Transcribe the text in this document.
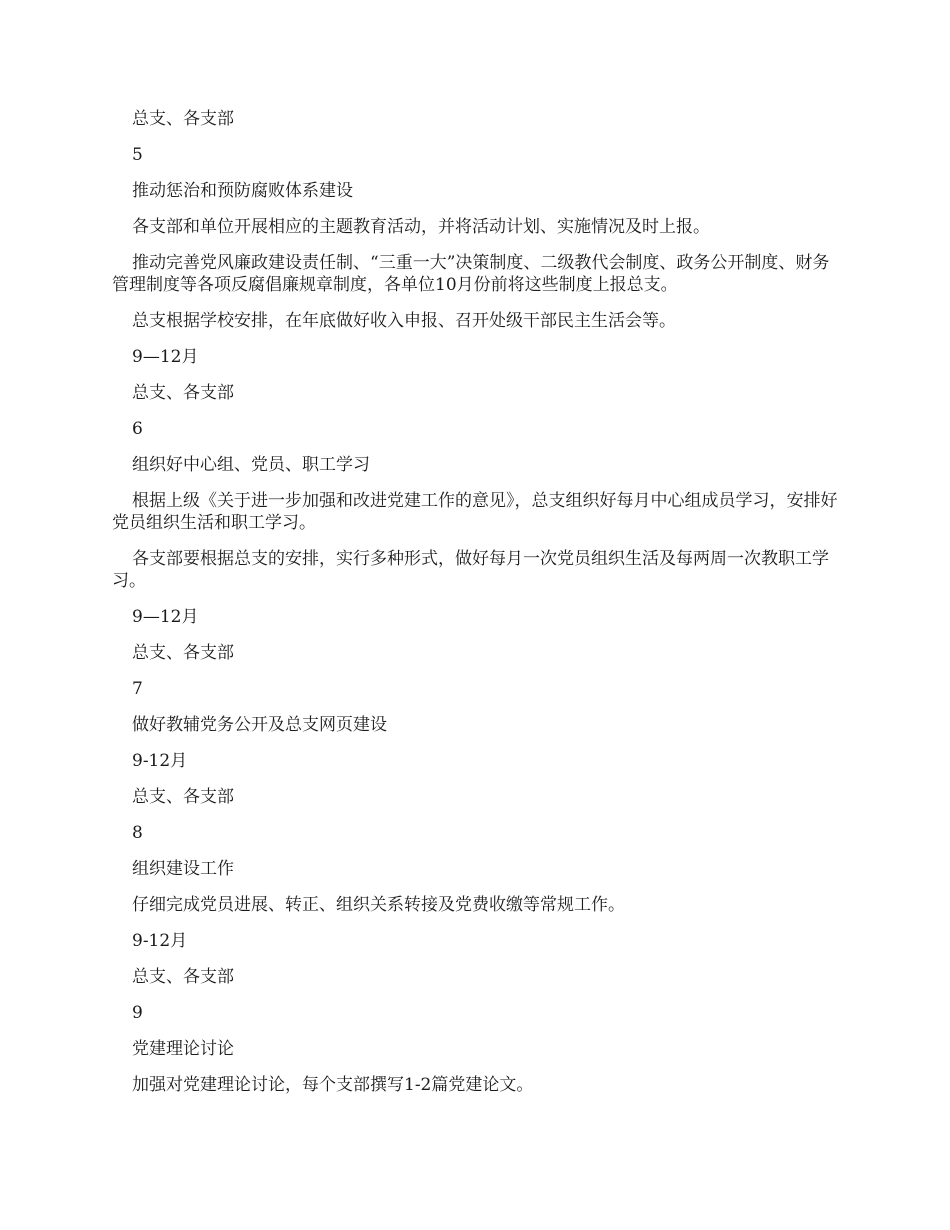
总支、各支部

5

推动惩治和预防腐败体系建设

各支部和单位开展相应的主题教育活动，并将活动计划、实施情况及时上报。

推动完善党风廉政建设责任制、“三重一大”决策制度、二级教代会制度、政务公开制度、财务管理制度等各项反腐倡廉规章制度，各单位10月份前将这些制度上报总支。

总支根据学校安排，在年底做好收入申报、召开处级干部民主生活会等。

9—12月

总支、各支部

6

组织好中心组、党员、职工学习

根据上级《关于进一步加强和改进党建工作的意见》，总支组织好每月中心组成员学习，安排好党员组织生活和职工学习。

各支部要根据总支的安排，实行多种形式，做好每月一次党员组织生活及每两周一次教职工学习。

9—12月

总支、各支部

7

做好教辅党务公开及总支网页建设

9-12月

总支、各支部

8

组织建设工作

仔细完成党员进展、转正、组织关系转接及党费收缴等常规工作。

9-12月

总支、各支部

9

党建理论讨论

加强对党建理论讨论，每个支部撰写1-2篇党建论文。
